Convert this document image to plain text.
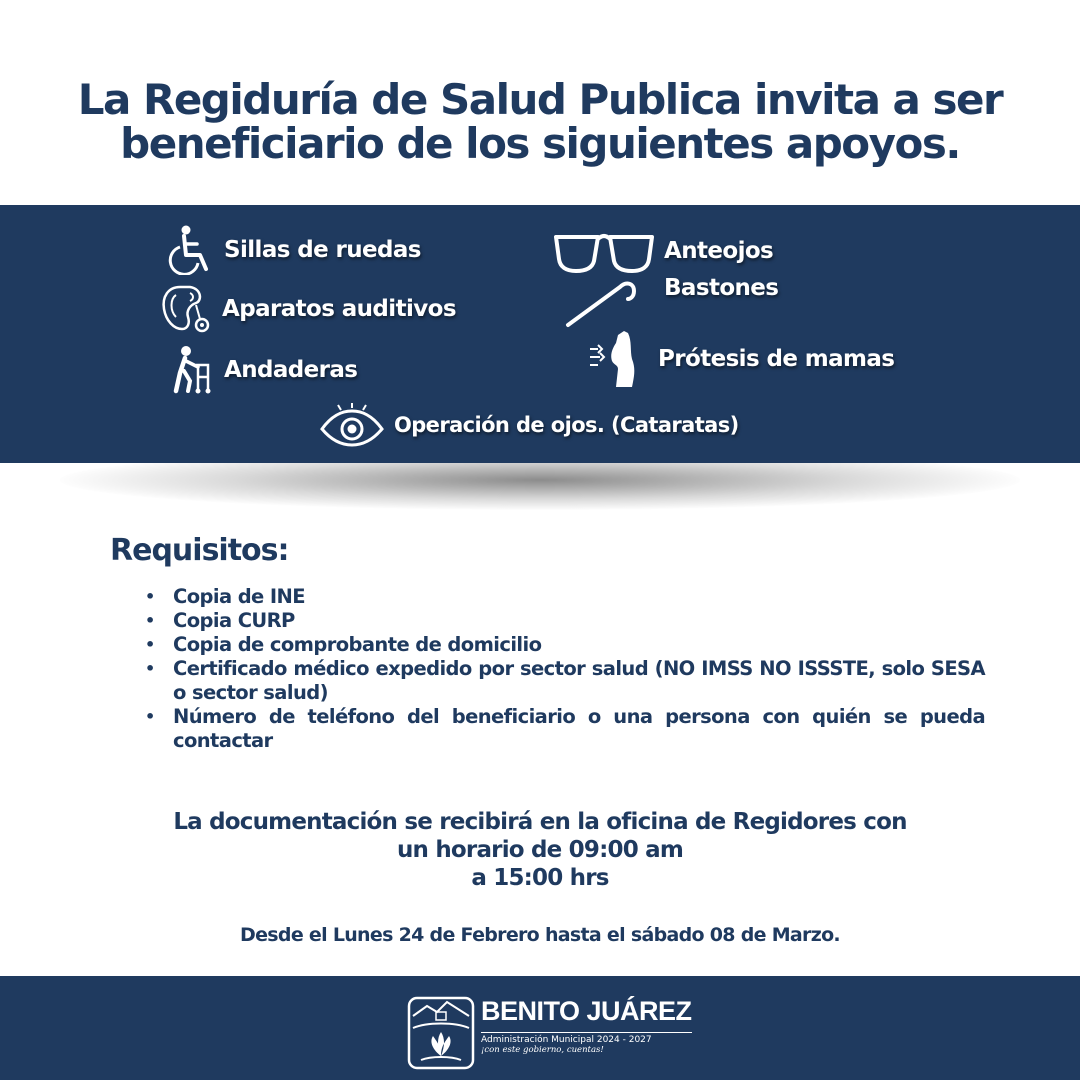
La Regiduría de Salud Publica invita a ser
beneficiario de los siguientes apoyos.
Sillas de ruedas
Aparatos auditivos
Andaderas
Anteojos
Bastones
Prótesis de mamas
Operación de ojos. (Cataratas)
Requisitos:
• Copia de INE
• Copia CURP
• Copia de comprobante de domicilio
• Certificado médico expedido por sector salud (NO IMSS NO ISSSTE, solo SESA o sector salud)
• Número de teléfono del beneficiario o una persona con quién se pueda contactar
La documentación se recibirá en la oficina de Regidores con
un horario de 09:00 am
a 15:00 hrs
Desde el Lunes 24 de Febrero hasta el sábado 08 de Marzo.
BENITO JUÁREZ
Administración Municipal 2024 - 2027
¡con este gobierno, cuentas!
